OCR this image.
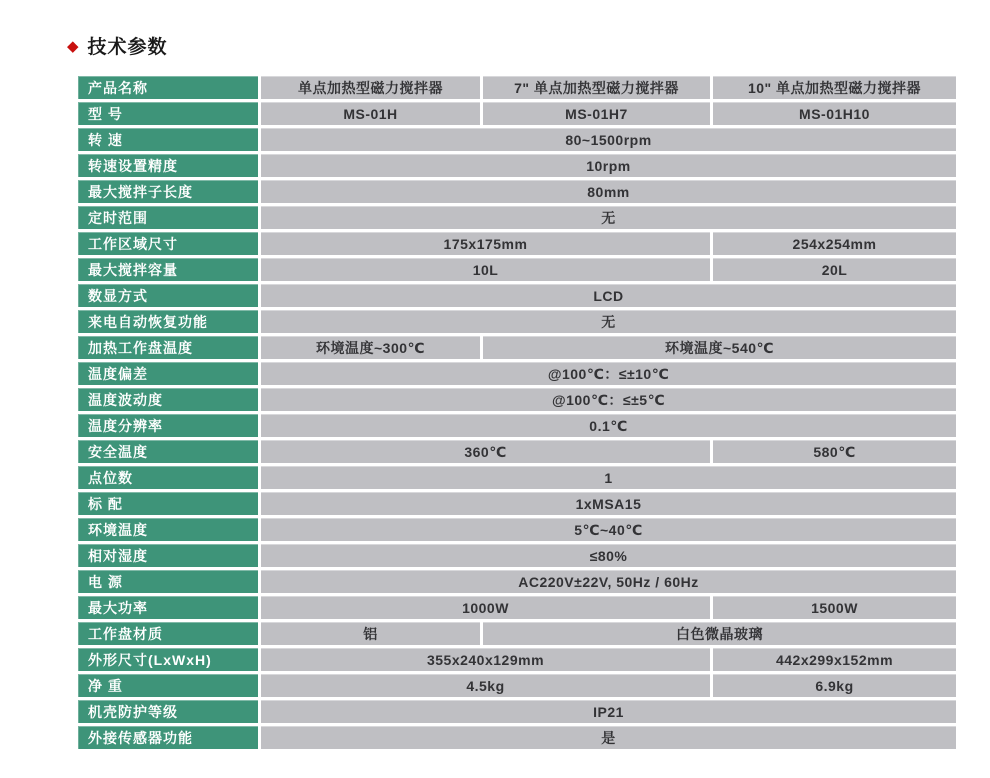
◆ 技术参数
产品名称	单点加热型磁力搅拌器	7" 单点加热型磁力搅拌器	10" 单点加热型磁力搅拌器
型 号	MS-01H	MS-01H7	MS-01H10
转 速	80~1500rpm
转速设置精度	10rpm
最大搅拌子长度	80mm
定时范围	无
工作区域尺寸	175x175mm	254x254mm
最大搅拌容量	10L	20L
数显方式	LCD
来电自动恢复功能	无
加热工作盘温度	环境温度~300℃	环境温度~540℃
温度偏差	@100℃：≤±10℃
温度波动度	@100℃：≤±5℃
温度分辨率	0.1℃
安全温度	360℃	580℃
点位数	1
标 配	1xMSA15
环境温度	5℃~40℃
相对湿度	≤80%
电 源	AC220V±22V, 50Hz / 60Hz
最大功率	1000W	1500W
工作盘材质	铝	白色微晶玻璃
外形尺寸(LxWxH)	355x240x129mm	442x299x152mm
净 重	4.5kg	6.9kg
机壳防护等级	IP21
外接传感器功能	是
